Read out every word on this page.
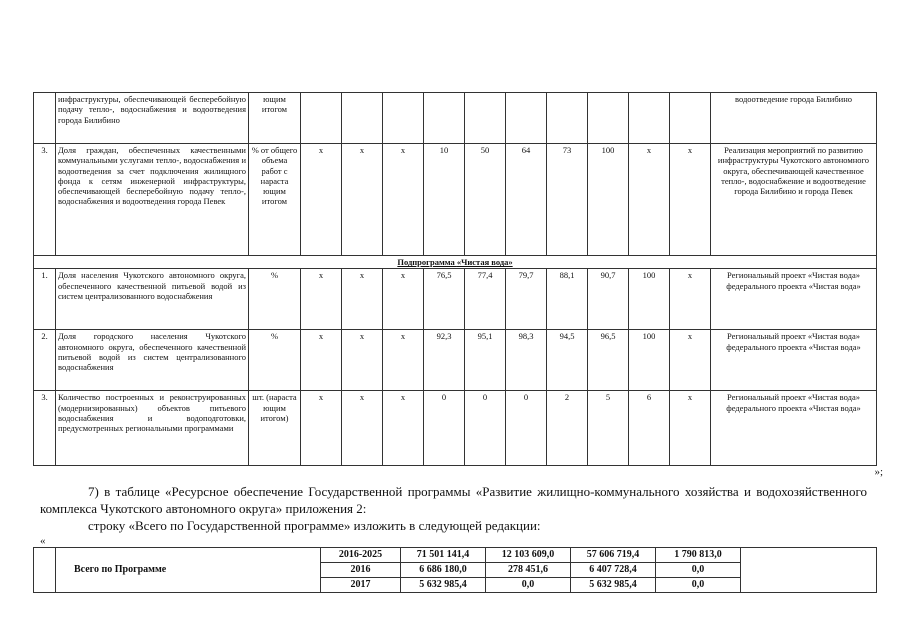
	инфраструктуры, обеспечивающей бесперебойную подачу тепло-, водоснабжения и водоотведения города Билибино	ющим итогом											водоотведение города Билибино
3.	Доля граждан, обеспеченных качественными коммунальными услугами тепло-, водоснабжения и водоотведения за счет подключения жилищного фонда к сетям инженерной инфраструктуры, обеспечивающей бесперебойную подачу тепло-, водоснабжения и водоотведения города Певек	% от общего объема работ с нараста ющим итогом	x	x	x	10	50	64	73	100	x	x	Реализация мероприятий по развитию инфраструктуры Чукотского автономного округа, обеспечивающей качественное тепло-, водоснабжение и водоотведение города Билибино и города Певек
Подпрограмма «Чистая вода»													
1.	Доля населения Чукотского автономного округа, обеспеченного качественной питьевой водой из систем централизованного водоснабжения	%	x	x	x	76,5	77,4	79,7	88,1	90,7	100	x	Региональный проект «Чистая вода» федерального проекта «Чистая вода»
2.	Доля городского населения Чукотского автономного округа, обеспеченного качественной питьевой водой из систем централизованного водоснабжения	%	x	x	x	92,3	95,1	98,3	94,5	96,5	100	x	Региональный проект «Чистая вода» федерального проекта «Чистая вода»
3.	Количество построенных и реконструированных (модернизированных) объектов питьевого водоснабжения и водоподготовки, предусмотренных региональными программами	шт. (нараста ющим итогом)	x	x	x	0	0	0	2	5	6	x	Региональный проект «Чистая вода» федерального проекта «Чистая вода»
»;
7) в таблице «Ресурсное обеспечение Государственной программы «Развитие жилищно-коммунального хозяйства и водохозяйственного комплекса Чукотского автономного округа» приложения 2:
строку «Всего по Государственной программе» изложить в следующей редакции:
«
	Всего по Программе	2016-2025	71 501 141,4	12 103 609,0	57 606 719,4	1 790 813,0	
		2016	6 686 180,0	278 451,6	6 407 728,4	0,0	
		2017	5 632 985,4	0,0	5 632 985,4	0,0	
